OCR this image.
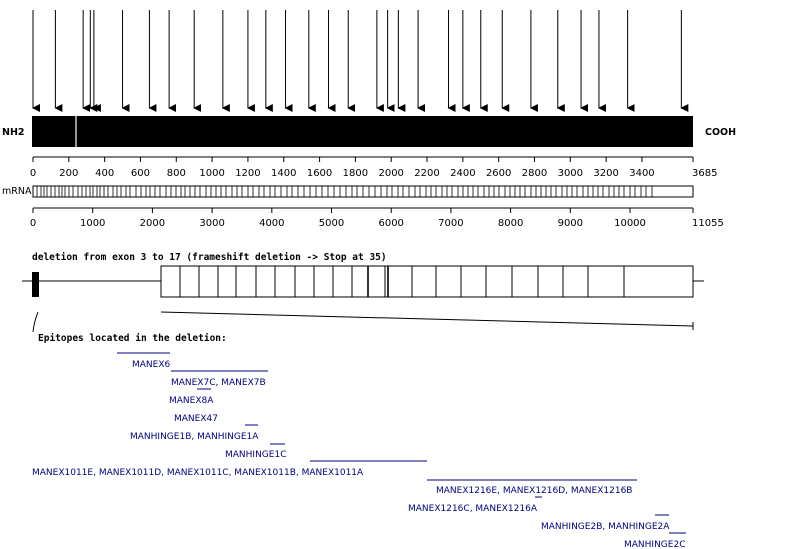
NH2	COOH
0 200 400 600 800 1000 1200 1400 1600 1800 2000 2200 2400 2600 2800 3000 3200 3400	3685
mRNA
0	1000	2000	3000	4000	5000	6000	7000	8000	9000	10000	11055
deletion from exon 3 to 17 (frameshift deletion -> Stop at 35)
Epitopes located in the deletion:
MANEX6
MANEX7C, MANEX7B
MANEX8A
MANEX47
MANHINGE1B, MANHINGE1A
MANHINGE1C
MANEX1011E, MANEX1011D, MANEX1011C, MANEX1011B, MANEX1011A
MANEX1216E, MANEX1216D, MANEX1216B
MANEX1216C, MANEX1216A
MANHINGE2B, MANHINGE2A
MANHINGE2C
